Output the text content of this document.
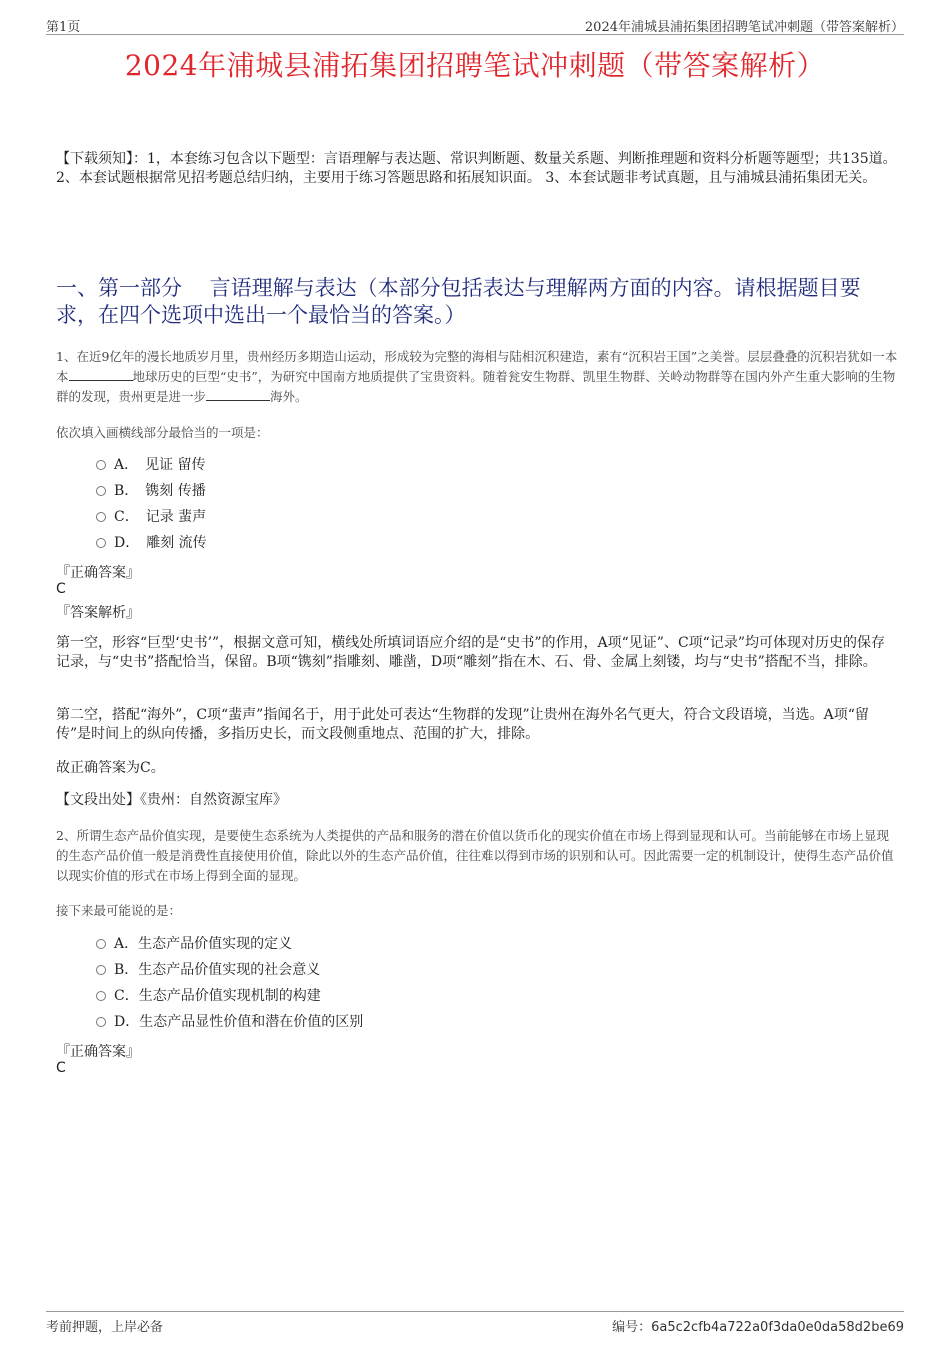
第1页	2024年浦城县浦拓集团招聘笔试冲刺题（带答案解析）
2024年浦城县浦拓集团招聘笔试冲刺题（带答案解析）
【下载须知】：1，本套练习包含以下题型：言语理解与表达题、常识判断题、数量关系题、判断推理题和资料分析题等题型；共135道。 2、本套试题根据常见招考题总结归纳，主要用于练习答题思路和拓展知识面。 3、本套试题非考试真题，且与浦城县浦拓集团无关。
一、第一部分　 言语理解与表达（本部分包括表达与理解两方面的内容。请根据题目要求，在四个选项中选出一个最恰当的答案。）
1、在近9亿年的漫长地质岁月里，贵州经历多期造山运动，形成较为完整的海相与陆相沉积建造，素有“沉积岩王国”之美誉。层层叠叠的沉积岩犹如一本本	地球历史的巨型“史书”，为研究中国南方地质提供了宝贵资料。随着瓮安生物群、凯里生物群、关岭动物群等在国内外产生重大影响的生物群的发现，贵州更是进一步	海外。
依次填入画横线部分最恰当的一项是：
A．　见证 留传
B．　镌刻 传播
C．　记录 蜚声
D．　雕刻 流传
『正确答案』
C
『答案解析』
第一空，形容“巨型‘史书’”，根据文意可知，横线处所填词语应介绍的是“史书”的作用，A项“见证”、C项“记录”均可体现对历史的保存记录，与“史书”搭配恰当，保留。B项“镌刻”指雕刻、雕凿，D项“雕刻”指在木、石、骨、金属上刻镂，均与“史书”搭配不当，排除。
第二空，搭配“海外”，C项“蜚声”指闻名于，用于此处可表达“生物群的发现”让贵州在海外名气更大，符合文段语境，当选。A项“留传”是时间上的纵向传播，多指历史长，而文段侧重地点、范围的扩大，排除。
故正确答案为C。
【文段出处】《贵州：自然资源宝库》
2、所谓生态产品价值实现，是要使生态系统为人类提供的产品和服务的潜在价值以货币化的现实价值在市场上得到显现和认可。当前能够在市场上显现的生态产品价值一般是消费性直接使用价值，除此以外的生态产品价值，往往难以得到市场的识别和认可。因此需要一定的机制设计，使得生态产品价值以现实价值的形式在市场上得到全面的显现。
接下来最可能说的是：
A．生态产品价值实现的定义
B．生态产品价值实现的社会意义
C．生态产品价值实现机制的构建
D．生态产品显性价值和潜在价值的区别
『正确答案』
C
考前押题，上岸必备	编号：6a5c2cfb4a722a0f3da0e0da58d2be69
